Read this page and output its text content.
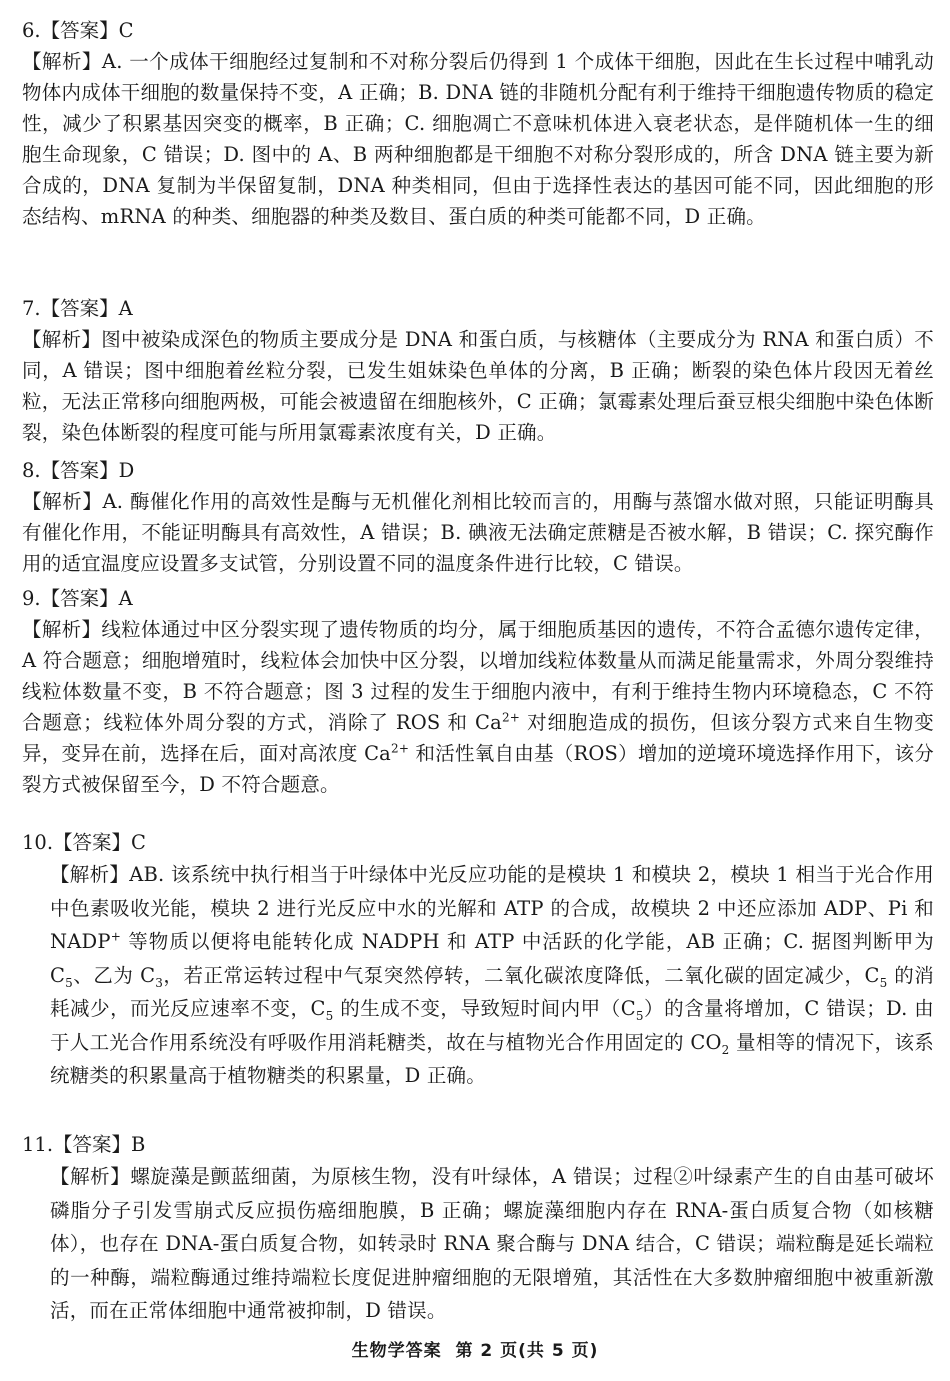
6.【答案】C

【解析】A. 一个成体干细胞经过复制和不对称分裂后仍得到 1 个成体干细胞，因此在生长过程中哺乳动物体内成体干细胞的数量保持不变，A 正确；B. DNA 链的非随机分配有利于维持干细胞遗传物质的稳定性，减少了积累基因突变的概率，B 正确；C. 细胞凋亡不意味机体进入衰老状态，是伴随机体一生的细胞生命现象，C 错误；D. 图中的 A、B 两种细胞都是干细胞不对称分裂形成的，所含 DNA 链主要为新合成的，DNA 复制为半保留复制，DNA 种类相同，但由于选择性表达的基因可能不同，因此细胞的形态结构、mRNA 的种类、细胞器的种类及数目、蛋白质的种类可能都不同，D 正确。

7.【答案】A

【解析】图中被染成深色的物质主要成分是 DNA 和蛋白质，与核糖体（主要成分为 RNA 和蛋白质）不同，A 错误；图中细胞着丝粒分裂，已发生姐妹染色单体的分离，B 正确；断裂的染色体片段因无着丝粒，无法正常移向细胞两极，可能会被遗留在细胞核外，C 正确；氯霉素处理后蚕豆根尖细胞中染色体断裂，染色体断裂的程度可能与所用氯霉素浓度有关，D 正确。

8.【答案】D

【解析】A. 酶催化作用的高效性是酶与无机催化剂相比较而言的，用酶与蒸馏水做对照，只能证明酶具有催化作用，不能证明酶具有高效性，A 错误；B. 碘液无法确定蔗糖是否被水解，B 错误；C. 探究酶作用的适宜温度应设置多支试管，分别设置不同的温度条件进行比较，C 错误。

9.【答案】A

【解析】线粒体通过中区分裂实现了遗传物质的均分，属于细胞质基因的遗传，不符合孟德尔遗传定律，A 符合题意；细胞增殖时，线粒体会加快中区分裂，以增加线粒体数量从而满足能量需求，外周分裂维持线粒体数量不变，B 不符合题意；图 3 过程的发生于细胞内液中，有利于维持生物内环境稳态，C 不符合题意；线粒体外周分裂的方式，消除了 ROS 和 $Ca^{2+}$ 对细胞造成的损伤，但该分裂方式来自生物变异，变异在前，选择在后，面对高浓度 $Ca^{2+}$ 和活性氧自由基（ROS）增加的逆境环境选择作用下，该分裂方式被保留至今，D 不符合题意。

10.【答案】C

【解析】AB. 该系统中执行相当于叶绿体中光反应功能的是模块 1 和模块 2，模块 1 相当于光合作用中色素吸收光能，模块 2 进行光反应中水的光解和 ATP 的合成，故模块 2 中还应添加 ADP、Pi 和 NADP+ 等物质以便将电能转化成 NADPH 和 ATP 中活跃的化学能，AB 正确；C. 据图判断甲为 $C_5$、乙为 $C_3$，若正常运转过程中气泵突然停转，二氧化碳浓度降低，二氧化碳的固定减少，$C_5$ 的消耗减少，而光反应速率不变，$C_5$ 的生成不变，导致短时间内甲$(C_5)$的含量将增加，C 错误；D. 由于人工光合作用系统没有呼吸作用消耗糖类，故在与植物光合作用固定的 $CO_2$ 量相等的情况下，该系统糖类的积累量高于植物糖类的积累量，D 正确。

11.【答案】B

【解析】螺旋藻是颤蓝细菌，为原核生物，没有叶绿体，A 错误；过程②叶绿素产生的自由基可破坏磷脂分子引发雪崩式反应损伤癌细胞膜，B 正确；螺旋藻细胞内存在 RNA-蛋白质复合物（如核糖体），也存在 DNA-蛋白质复合物，如转录时 RNA 聚合酶与 DNA 结合，C 错误；端粒酶是延长端粒的一种酶，端粒酶通过维持端粒长度促进肿瘤细胞的无限增殖，其活性在大多数肿瘤细胞中被重新激活，而在正常体细胞中通常被抑制，D 错误。

生物学答案 第 2 页(共 5 页)
